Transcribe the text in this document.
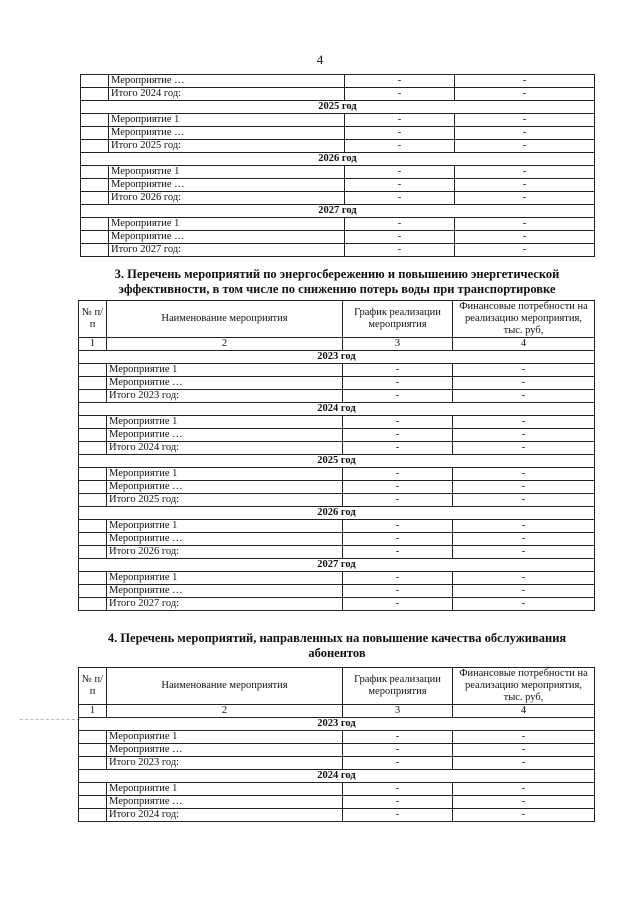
4
	Мероприятие …	-	-
	Итого 2024 год:	-	-
2025 год			
	Мероприятие 1	-	-
	Мероприятие …	-	-
	Итого 2025 год:	-	-
2026 год			
	Мероприятие 1	-	-
	Мероприятие …	-	-
	Итого 2026 год:	-	-
2027 год			
	Мероприятие 1	-	-
	Мероприятие …	-	-
	Итого 2027 год:	-	-
3. Перечень мероприятий по энергосбережению и повышению энергетической
эффективности, в том числе по снижению потерь воды при транспортировке
№ п/п	Наименование мероприятия	График реализации мероприятия	Финансовые потребности на реализацию мероприятия, тыс. руб,
1	2	3	4
2023 год			
	Мероприятие 1	-	-
	Мероприятие …	-	-
	Итого 2023 год:	-	-
2024 год			
	Мероприятие 1	-	-
	Мероприятие …	-	-
	Итого 2024 год:	-	-
2025 год			
	Мероприятие 1	-	-
	Мероприятие …	-	-
	Итого 2025 год:	-	-
2026 год			
	Мероприятие 1	-	-
	Мероприятие …	-	-
	Итого 2026 год:	-	-
2027 год			
	Мероприятие 1	-	-
	Мероприятие …	-	-
	Итого 2027 год:	-	-
4. Перечень мероприятий, направленных на повышение качества обслуживания
абонентов
№ п/п	Наименование мероприятия	График реализации мероприятия	Финансовые потребности на реализацию мероприятия, тыс. руб,
1	2	3	4
2023 год			
	Мероприятие 1	-	-
	Мероприятие …	-	-
	Итого 2023 год:	-	-
2024 год			
	Мероприятие 1	-	-
	Мероприятие …	-	-
	Итого 2024 год:	-	-
